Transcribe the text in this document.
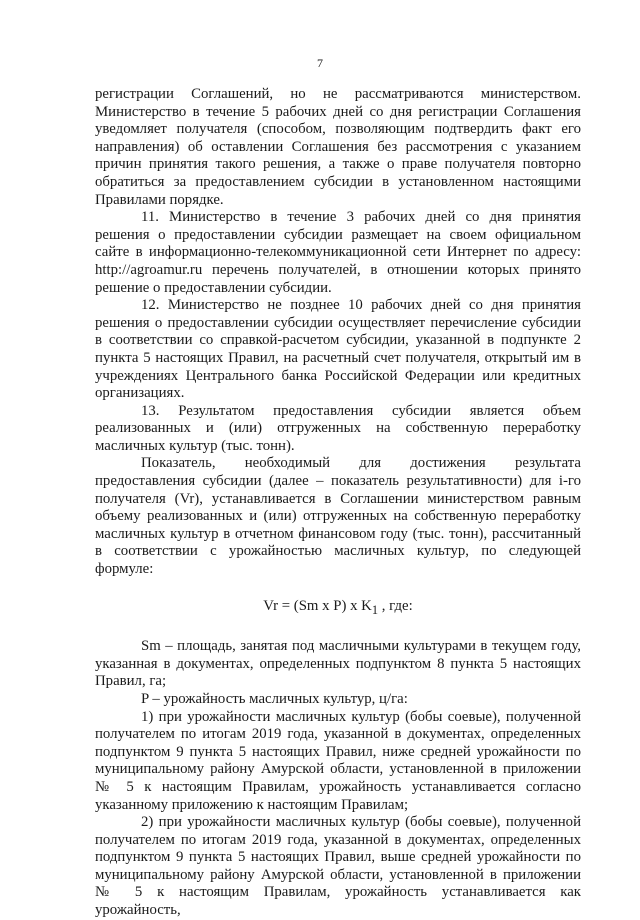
7

регистрации Соглашений, но не рассматриваются министерством. Министерство в течение 5 рабочих дней со дня регистрации Соглашения уведомляет получателя (способом, позволяющим подтвердить факт его направления) об оставлении Соглашения без рассмотрения с указанием причин принятия такого решения, а также о праве получателя повторно обратиться за предоставлением субсидии в установленном настоящими Правилами порядке.

11. Министерство в течение 3 рабочих дней со дня принятия решения о предоставлении субсидии размещает на своем официальном сайте в информационно-телекоммуникационной сети Интернет по адресу: http://agroamur.ru перечень получателей, в отношении которых принято решение о предоставлении субсидии.

12. Министерство не позднее 10 рабочих дней со дня принятия решения о предоставлении субсидии осуществляет перечисление субсидии в соответствии со справкой-расчетом субсидии, указанной в подпункте 2 пункта 5 настоящих Правил, на расчетный счет получателя, открытый им в учреждениях Центрального банка Российской Федерации или кредитных организациях.

13. Результатом предоставления субсидии является объем реализованных и (или) отгруженных на собственную переработку масличных культур (тыс. тонн).

Показатель, необходимый для достижения результата предоставления субсидии (далее – показатель результативности) для i-го получателя (Vr), устанавливается в Соглашении министерством равным объему реализованных и (или) отгруженных на собственную переработку масличных культур в отчетном финансовом году (тыс. тонн), рассчитанный в соответствии с урожайностью масличных культур, по следующей формуле:

Vr = (Sm x P) x $K_1$ , где:

Sm – площадь, занятая под масличными культурами в текущем году, указанная в документах, определенных подпунктом 8 пункта 5 настоящих Правил, га;

P – урожайность масличных культур, ц/га:

1) при урожайности масличных культур (бобы соевые), полученной получателем по итогам 2019 года, указанной в документах, определенных подпунктом 9 пункта 5 настоящих Правил, ниже средней урожайности по муниципальному району Амурской области, установленной в приложении № 5 к настоящим Правилам, урожайность устанавливается согласно указанному приложению к настоящим Правилам;

2) при урожайности масличных культур (бобы соевые), полученной получателем по итогам 2019 года, указанной в документах, определенных подпунктом 9 пункта 5 настоящих Правил, выше средней урожайности по муниципальному району Амурской области, установленной в приложении № 5 к настоящим Правилам, урожайность устанавливается как урожайность,
